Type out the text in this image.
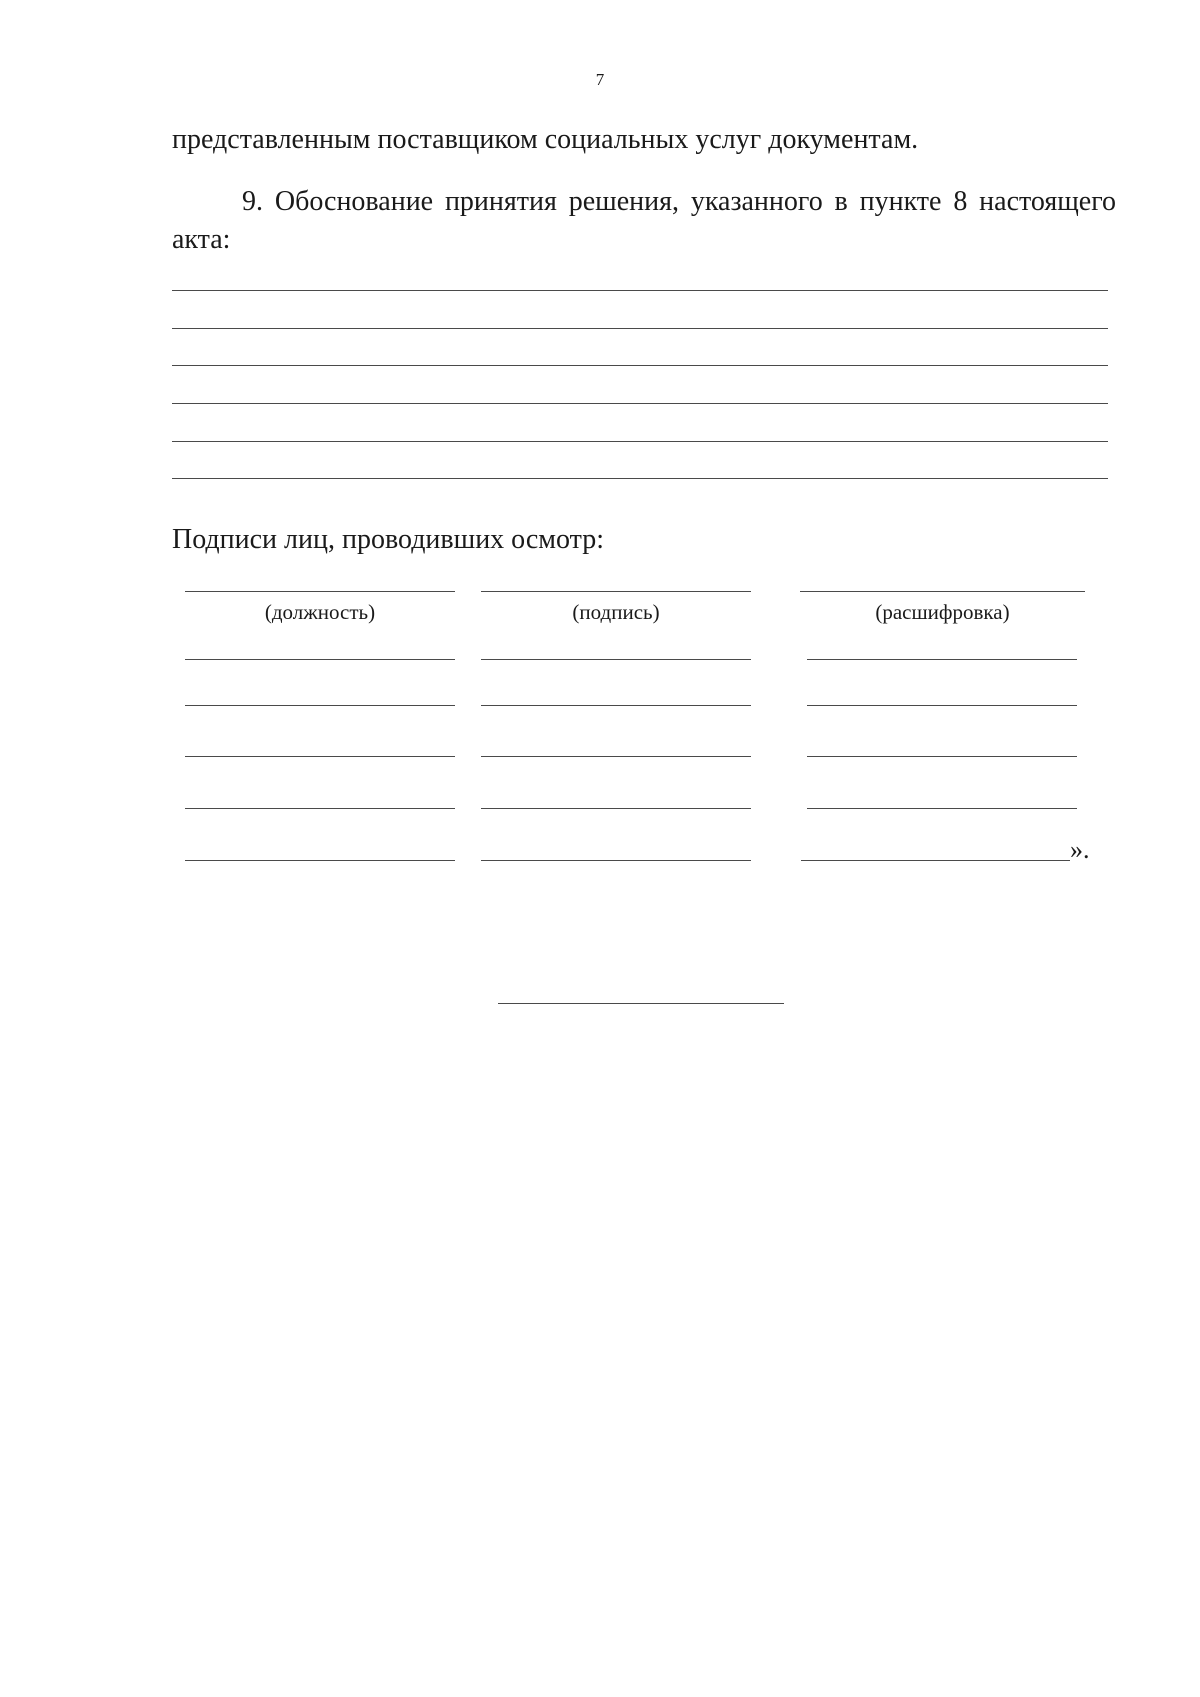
7
представленным поставщиком социальных услуг документам.
9. Обоснование принятия решения, указанного в пункте 8 настоящего
акта:
Подписи лиц, проводивших осмотр:
(должность)	(подпись)	(расшифровка)
».
